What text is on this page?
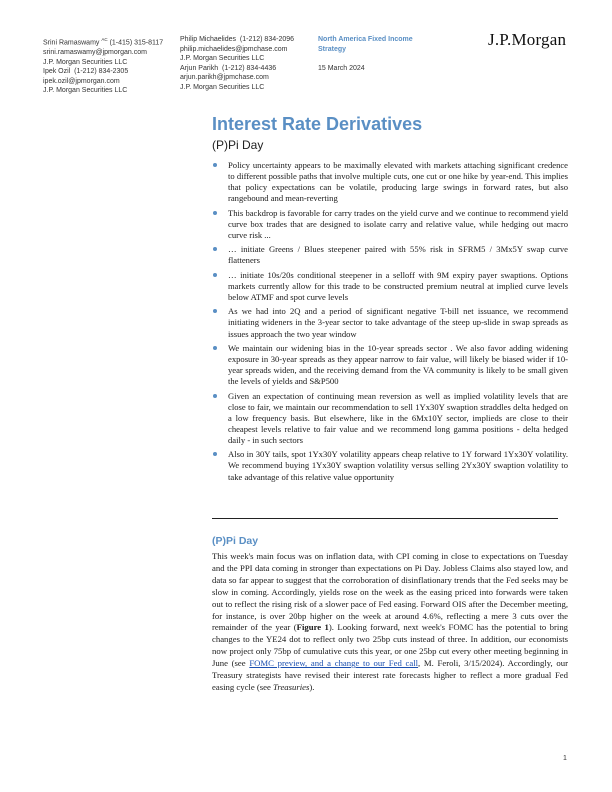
Srini Ramaswamy $^{AC}$ (1-415) 315-8117
srini.ramaswamy@jpmorgan.com
J.P. Morgan Securities LLC
Ipek Ozil (1-212) 834-2305
ipek.ozil@jpmorgan.com
J.P. Morgan Securities LLC
Philip Michaelides (1-212) 834-2096
philip.michaelides@jpmchase.com
J.P. Morgan Securities LLC
Arjun Parikh (1-212) 834-4436
arjun.parikh@jpmchase.com
J.P. Morgan Securities LLC
North America Fixed Income
Strategy
15 March 2024
J.P.Morgan
Interest Rate Derivatives
(P)Pi Day
Policy uncertainty appears to be maximally elevated with markets attaching significant credence to different possible paths that involve multiple cuts, one cut or one hike by year-end. This implies that policy expectations can be volatile, producing large swings in forward rates, but also rangebound and mean-reverting
This backdrop is favorable for carry trades on the yield curve and we continue to recommend yield curve box trades that are designed to isolate carry and relative value, while hedging out macro curve risk ...
… initiate Greens / Blues steepener paired with 55% risk in SFRM5 / 3Mx5Y swap curve flatteners
… initiate 10s/20s conditional steepener in a selloff with 9M expiry payer swaptions. Options markets currently allow for this trade to be constructed premium neutral at implied curve levels below ATMF and spot curve levels
As we had into 2Q and a period of significant negative T-bill net issuance, we recommend initiating wideners in the 3-year sector to take advantage of the steep up-slide in swap spreads as issues approach the two year window
We maintain our widening bias in the 10-year spreads sector . We also favor adding widening exposure in 30-year spreads as they appear narrow to fair value, will likely be biased wider if 10-year spreads widen, and the receiving demand from the VA community is likely to be small given the levels of yields and S&P500
Given an expectation of continuing mean reversion as well as implied volatility levels that are close to fair, we maintain our recommendation to sell 1Yx30Y swaption straddles delta hedged on a low frequency basis. But elsewhere, like in the 6Mx10Y sector, implieds are close to their cheapest levels relative to fair value and we recommend long gamma positions - delta hedged daily - in such sectors
Also in 30Y tails, spot 1Yx30Y volatility appears cheap relative to 1Y forward 1Yx30Y volatility. We recommend buying 1Yx30Y swaption volatility versus selling 2Yx30Y swaption volatility to take advantage of this relative value opportunity
(P)Pi Day

This week's main focus was on inflation data, with CPI coming in close to expectations on Tuesday and the PPI data coming in stronger than expectations on Pi Day. Jobless Claims also stayed low, and data so far appear to suggest that the corroboration of disinflationary trends that the Fed seeks may be slow in coming. Accordingly, yields rose on the week as the easing priced into forwards were taken out to reflect the rising risk of a slower pace of Fed easing. Forward OIS after the December meeting, for instance, is over 20bp higher on the week at around 4.6%, reflecting a mere 3 cuts over the remainder of the year (Figure 1). Looking forward, next week's FOMC has the potential to bring changes to the YE24 dot to reflect only two 25bp cuts instead of three. In addition, our economists now project only 75bp of cumulative cuts this year, or one 25bp cut every other meeting beginning in June (see FOMC preview, and a change to our Fed call, M. Feroli, 3/15/2024). Accordingly, our Treasury strategists have revised their interest rate forecasts higher to reflect a more gradual Fed easing cycle (see Treasuries).

1
